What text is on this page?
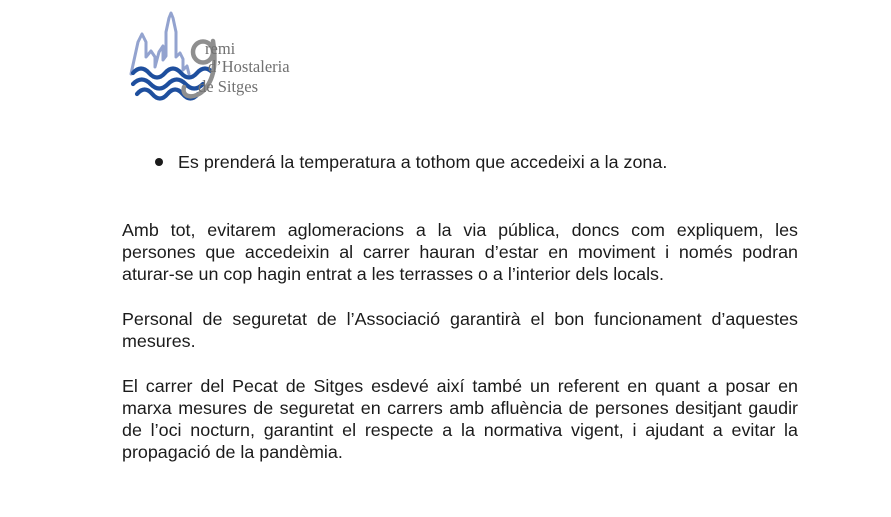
remi
d’Hostaleria
de Sitges
Es prenderá la temperatura a tothom que accedeixi a la zona.

Amb tot, evitarem aglomeracions a la via pública, doncs com expliquem, les persones que accedeixin al carrer hauran d’estar en moviment i només podran aturar-se un cop hagin entrat a les terrasses o a l’interior dels locals.

Personal de seguretat de l’Associació garantirà el bon funcionament d’aquestes mesures.

El carrer del Pecat de Sitges esdevé així també un referent en quant a posar en marxa mesures de seguretat en carrers amb afluència de persones desitjant gaudir de l’oci nocturn, garantint el respecte a la normativa vigent, i ajudant a evitar la propagació de la pandèmia.
